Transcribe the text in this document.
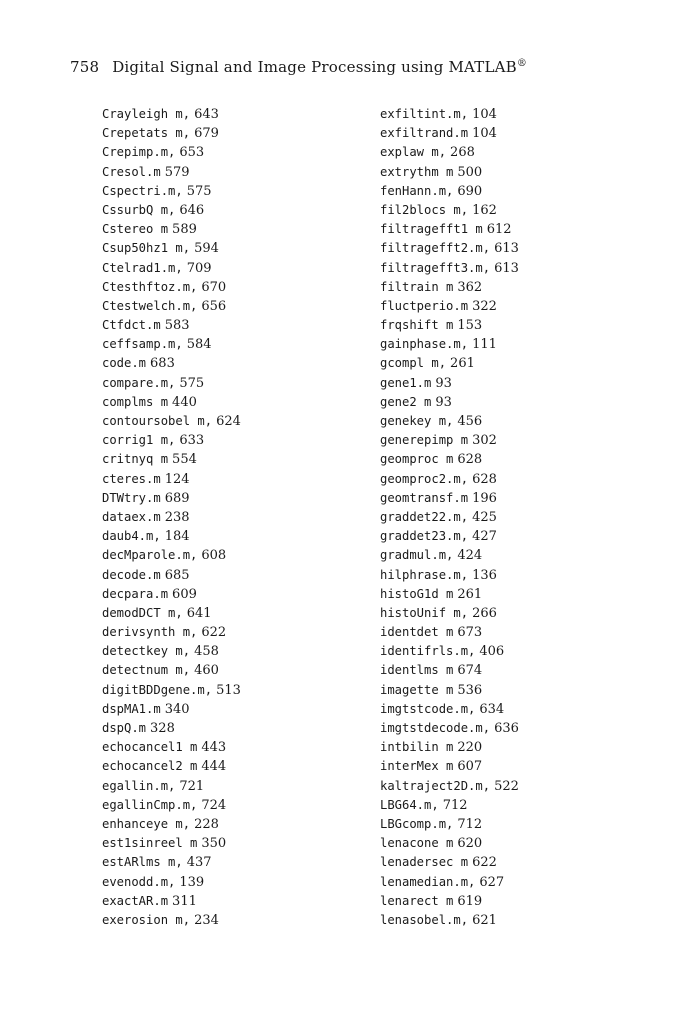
758 Digital Signal and Image Processing using MATLAB®
Crayleigh m, 643
Crepetats m, 679
Crepimp.m, 653
Cresol.m 579
Cspectri.m, 575
CssurbQ m, 646
Cstereo m 589
Csup50hz1 m, 594
Ctelrad1.m, 709
Ctesthftoz.m, 670
Ctestwelch.m, 656
Ctfdct.m 583
ceffsamp.m, 584
code.m 683
compare.m, 575
complms m 440
contoursobel m, 624
corrig1 m, 633
critnyq m 554
cteres.m 124
DTWtry.m 689
dataex.m 238
daub4.m, 184
decMparole.m, 608
decode.m 685
decpara.m 609
demodDCT m, 641
derivsynth m, 622
detectkey m, 458
detectnum m, 460
digitBDDgene.m, 513
dspMA1.m 340
dspQ.m 328
echocancel1 m 443
echocancel2 m 444
egallin.m, 721
egallinCmp.m, 724
enhanceye m, 228
est1sinreel m 350
estARlms m, 437
evenodd.m, 139
exactAR.m 311
exerosion m, 234
exfiltint.m, 104
exfiltrand.m 104
explaw m, 268
extrythm m 500
fenHann.m, 690
fil2blocs m, 162
filtragefft1 m 612
filtragefft2.m, 613
filtragefft3.m, 613
filtrain m 362
fluctperio.m 322
frqshift m 153
gainphase.m, 111
gcompl m, 261
gene1.m 93
gene2 m 93
genekey m, 456
generepimp m 302
geomproc m 628
geomproc2.m, 628
geomtransf.m 196
graddet22.m, 425
graddet23.m, 427
gradmul.m, 424
hilphrase.m, 136
histoG1d m 261
histoUnif m, 266
identdet m 673
identifrls.m, 406
identlms m 674
imagette m 536
imgtstcode.m, 634
imgtstdecode.m, 636
intbilin m 220
interMex m 607
kaltraject2D.m, 522
LBG64.m, 712
LBGcomp.m, 712
lenacone m 620
lenadersec m 622
lenamedian.m, 627
lenarect m 619
lenasobel.m, 621
